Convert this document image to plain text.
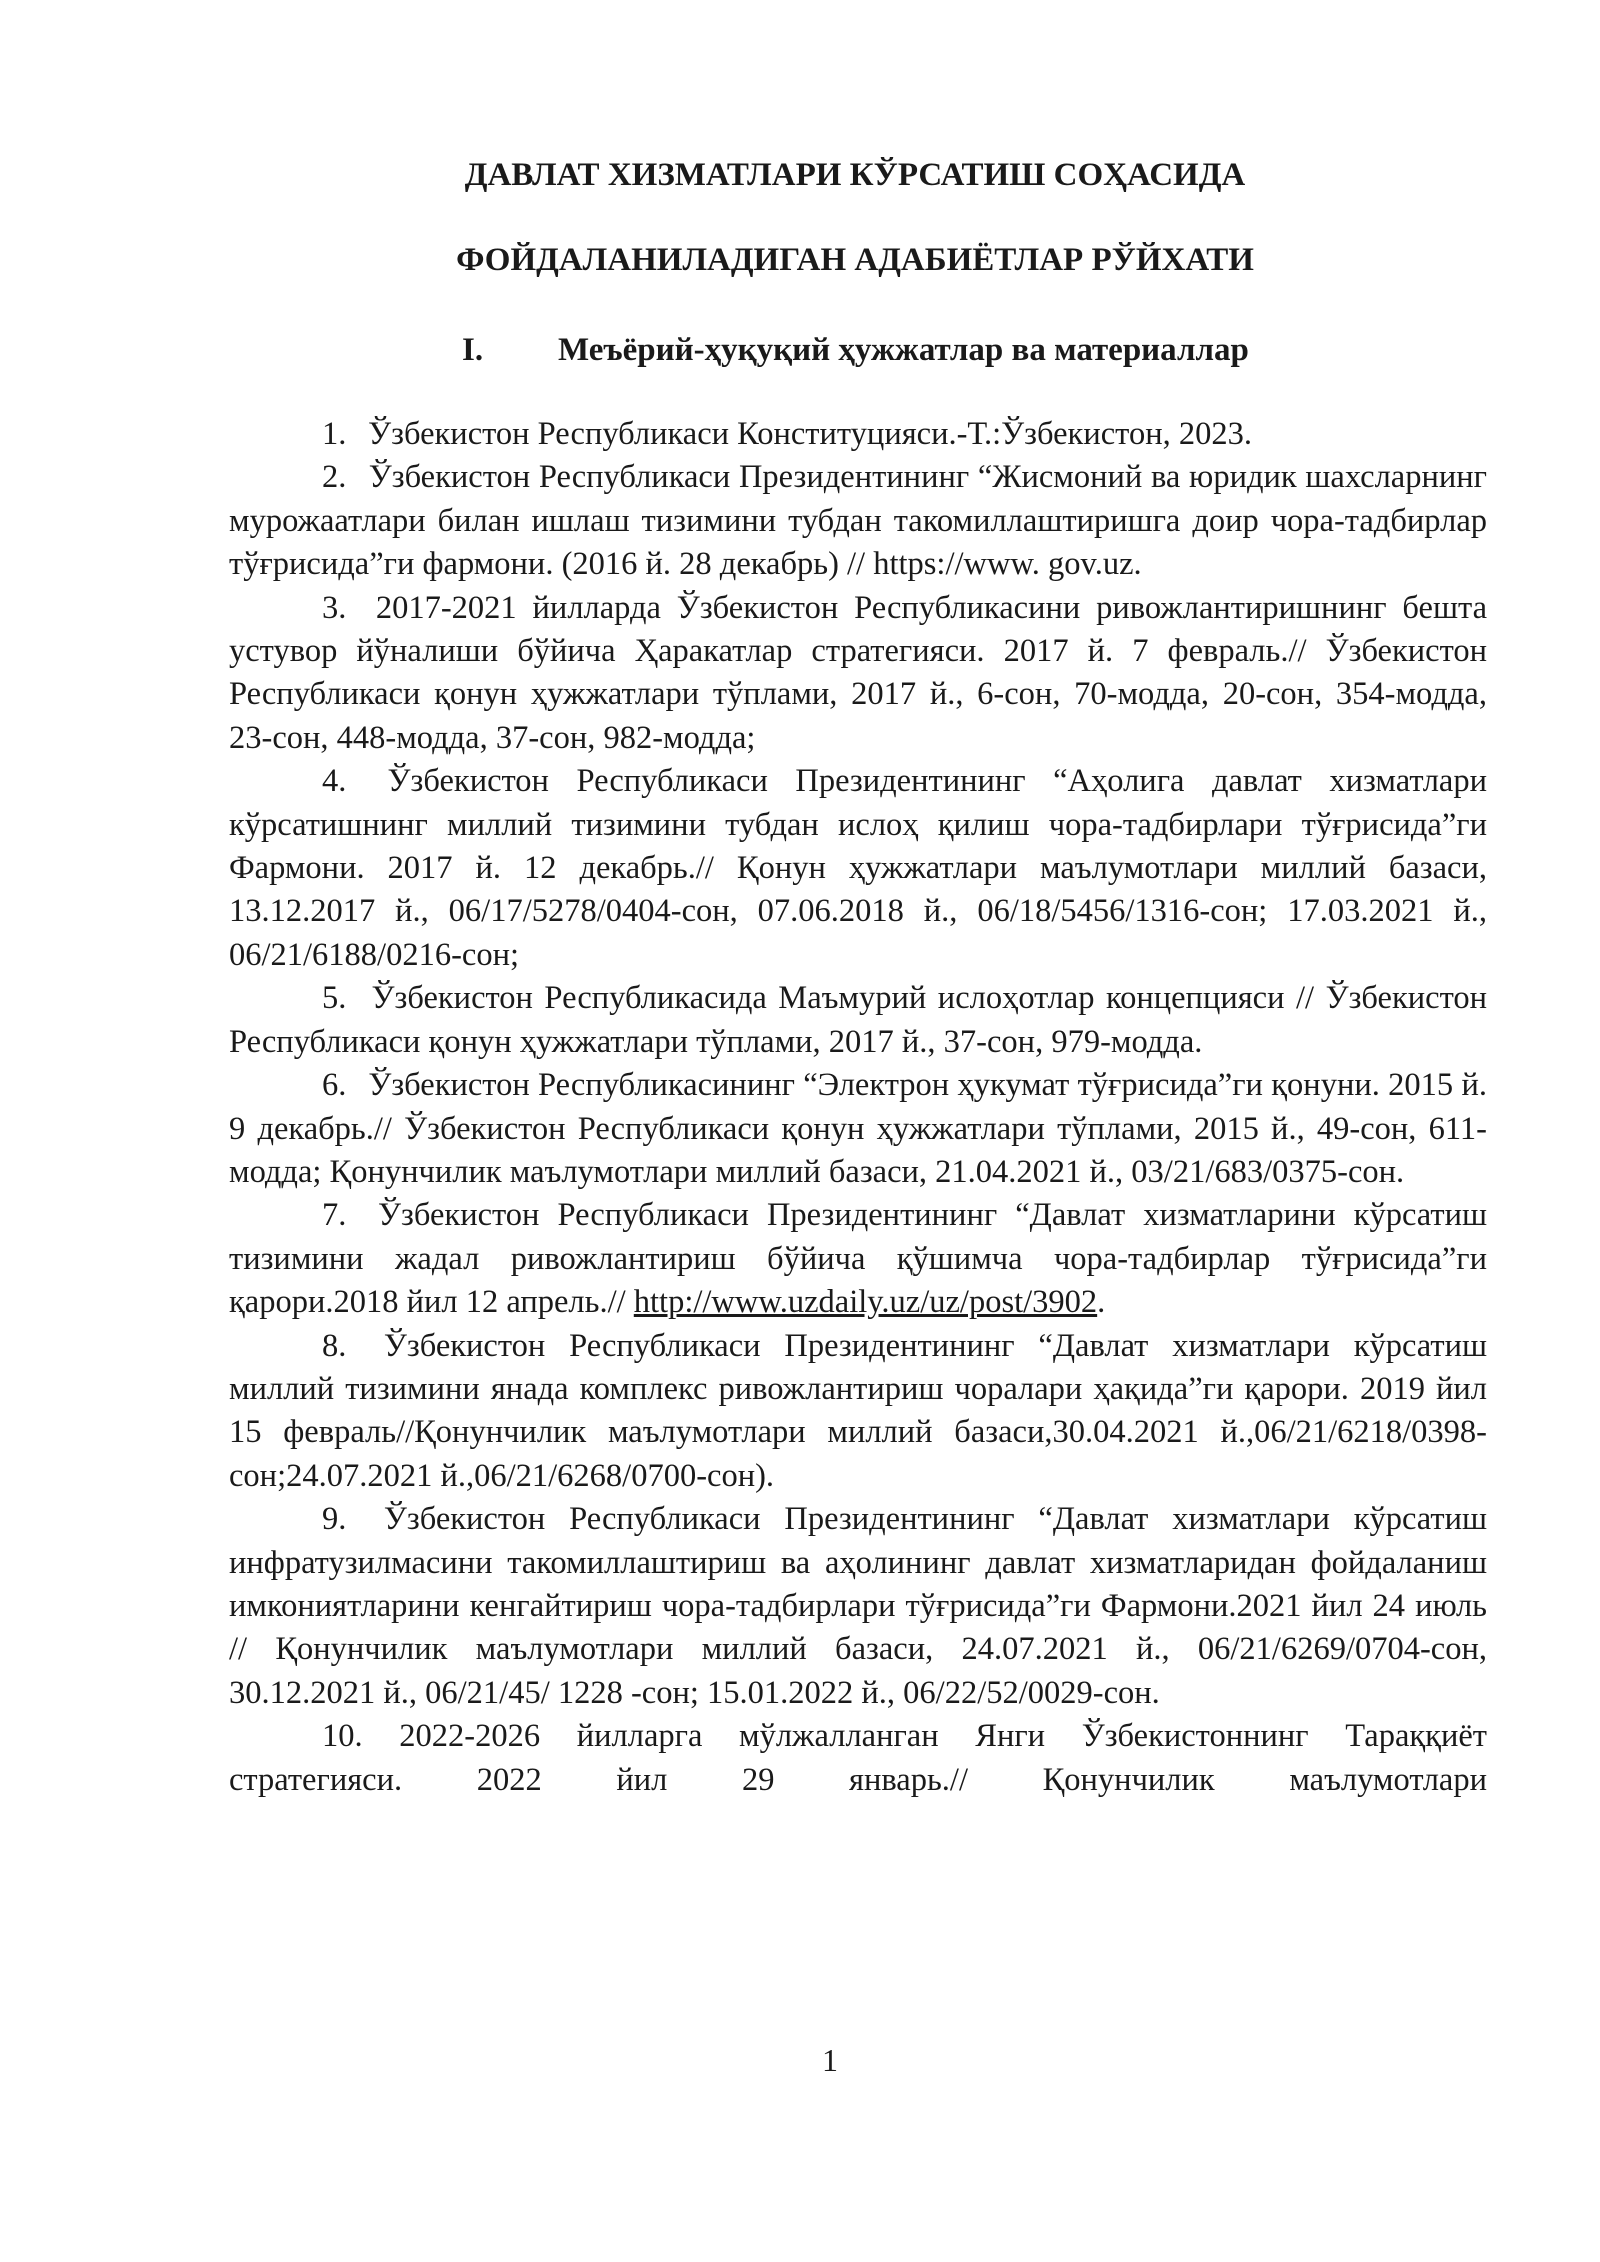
ДАВЛАТ ХИЗМАТЛАРИ КЎРСАТИШ СОҲАСИДА
ФОЙДАЛАНИЛАДИГАН АДАБИЁТЛАР РЎЙХАТИ
I. Меъёрий-ҳуқуқий ҳужжатлар ва материаллар

1. Ўзбекистон Республикаси Конституцияси.-Т.:Ўзбекистон, 2023.

2. Ўзбекистон Республикаси Президентининг “Жисмоний ва юридик шахсларнинг мурожаатлари билан ишлаш тизимини тубдан такомиллаштиришга доир чора-тадбирлар тўғрисида”ги фармони. (2016 й. 28 декабрь) // https://www. gov.uz.

3. 2017-2021 йилларда Ўзбекистон Республикасини ривожлантиришнинг бешта устувор йўналиши бўйича Ҳаракатлар стратегияси. 2017 й. 7 февраль.// Ўзбекистон Республикаси қонун ҳужжатлари тўплами, 2017 й., 6-сон, 70-модда, 20-сон, 354-модда, 23-сон, 448-модда, 37-сон, 982-модда;

4. Ўзбекистон Республикаси Президентининг “Аҳолига давлат хизматлари кўрсатишнинг миллий тизимини тубдан ислоҳ қилиш чора-тадбирлари тўғрисида”ги Фармони. 2017 й. 12 декабрь.// Қонун ҳужжатлари маълумотлари миллий базаси, 13.12.2017 й., 06/17/5278/0404-сон, 07.06.2018 й., 06/18/5456/1316-сон; 17.03.2021 й., 06/21/6188/0216-сон;

5. Ўзбекистон Республикасида Маъмурий ислоҳотлар концепцияси // Ўзбекистон Республикаси қонун ҳужжатлари тўплами, 2017 й., 37-сон, 979-модда.

6. Ўзбекистон Республикасининг “Электрон ҳукумат тўғрисида”ги қонуни. 2015 й. 9 декабрь.// Ўзбекистон Республикаси қонун ҳужжатлари тўплами, 2015 й., 49-сон, 611-модда; Қонунчилик маълумотлари миллий базаси, 21.04.2021 й., 03/21/683/0375-сон.

7. Ўзбекистон Республикаси Президентининг “Давлат хизматларини кўрсатиш тизимини жадал ривожлантириш бўйича қўшимча чора-тадбирлар тўғрисида”ги қарори.2018 йил 12 апрель.// http://www.uzdaily.uz/uz/post/3902.

8. Ўзбекистон Республикаси Президентининг “Давлат хизматлари кўрсатиш миллий тизимини янада комплекс ривожлантириш чоралари ҳақида”ги қарори. 2019 йил 15 февраль//Қонунчилик маълумотлари миллий базаси,30.04.2021 й.,06/21/6218/0398-сон;24.07.2021 й.,06/21/6268/0700-сон).

9. Ўзбекистон Республикаси Президентининг “Давлат хизматлари кўрсатиш инфратузилмасини такомиллаштириш ва аҳолининг давлат хизматларидан фойдаланиш имкониятларини кенгайтириш чора-тадбирлари тўғрисида”ги Фармони.2021 йил 24 июль // Қонунчилик маълумотлари миллий базаси, 24.07.2021 й., 06/21/6269/0704-сон, 30.12.2021 й., 06/21/45/ 1228 -сон; 15.01.2022 й., 06/22/52/0029-сон.

10. 2022-2026 йилларга мўлжалланган Янги Ўзбекистоннинг Тараққиёт стратегияси. 2022 йил 29 январь.// Қонунчилик маълумотлари

1
